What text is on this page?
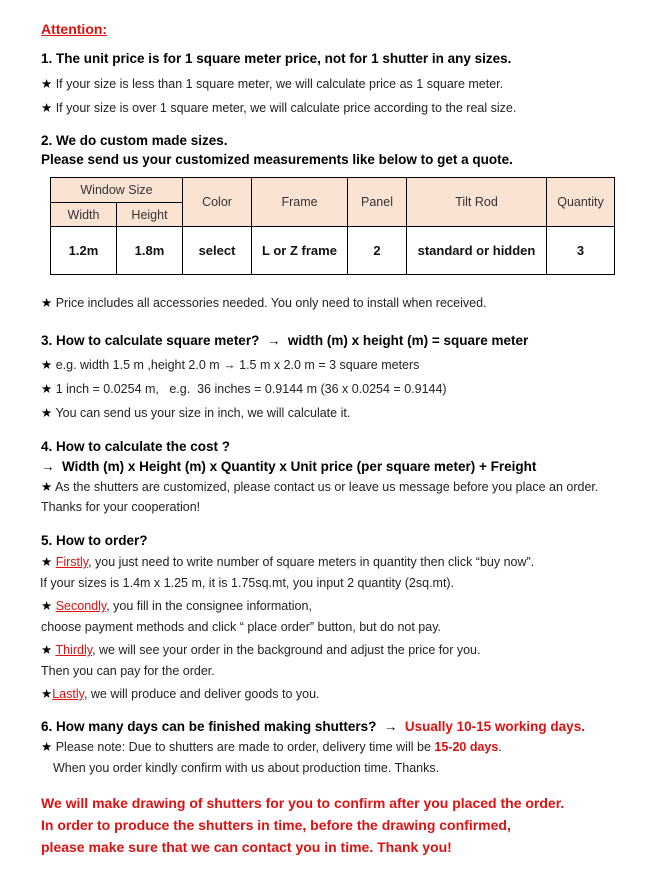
Attention:
1. The unit price is for 1 square meter price, not for 1 shutter in any sizes.
★ If your size is less than 1 square meter, we will calculate price as 1 square meter.
★ If your size is over 1 square meter, we will calculate price according to the real size.
2. We do custom made sizes.
Please send us your customized measurements like below to get a quote.
Window Size		Color	Frame	Panel	Tilt Rod	Quantity
Width	Height					
1.2m	1.8m	select	L or Z frame	2	standard or hidden	3
★ Price includes all accessories needed. You only need to install when received.
3. How to calculate square meter? → width (m) x height (m) = square meter
★ e.g. width 1.5 m ,height 2.0 m → 1.5 m x 2.0 m = 3 square meters
★ 1 inch = 0.0254 m,   e.g.  36 inches = 0.9144 m (36 x 0.0254 = 0.9144)
★ You can send us your size in inch, we will calculate it.
4. How to calculate the cost ?
→ Width (m) x Height (m) x Quantity x Unit price (per square meter) + Freight
★ As the shutters are customized, please contact us or leave us message before you place an order.
Thanks for your cooperation!
5. How to order?
★ Firstly, you just need to write number of square meters in quantity then click “buy now”.
If your sizes is 1.4m x 1.25 m, it is 1.75sq.mt, you input 2 quantity (2sq.mt).
★ Secondly, you fill in the consignee information,
choose payment methods and click “ place order” button, but do not pay.
★ Thirdly, we will see your order in the background and adjust the price for you.
Then you can pay for the order.
★Lastly, we will produce and deliver goods to you.
6. How many days can be finished making shutters? → Usually 10-15 working days.
★ Please note: Due to shutters are made to order, delivery time will be 15-20 days.
When you order kindly confirm with us about production time. Thanks.
We will make drawing of shutters for you to confirm after you placed the order.
In order to produce the shutters in time, before the drawing confirmed,
please make sure that we can contact you in time. Thank you!
